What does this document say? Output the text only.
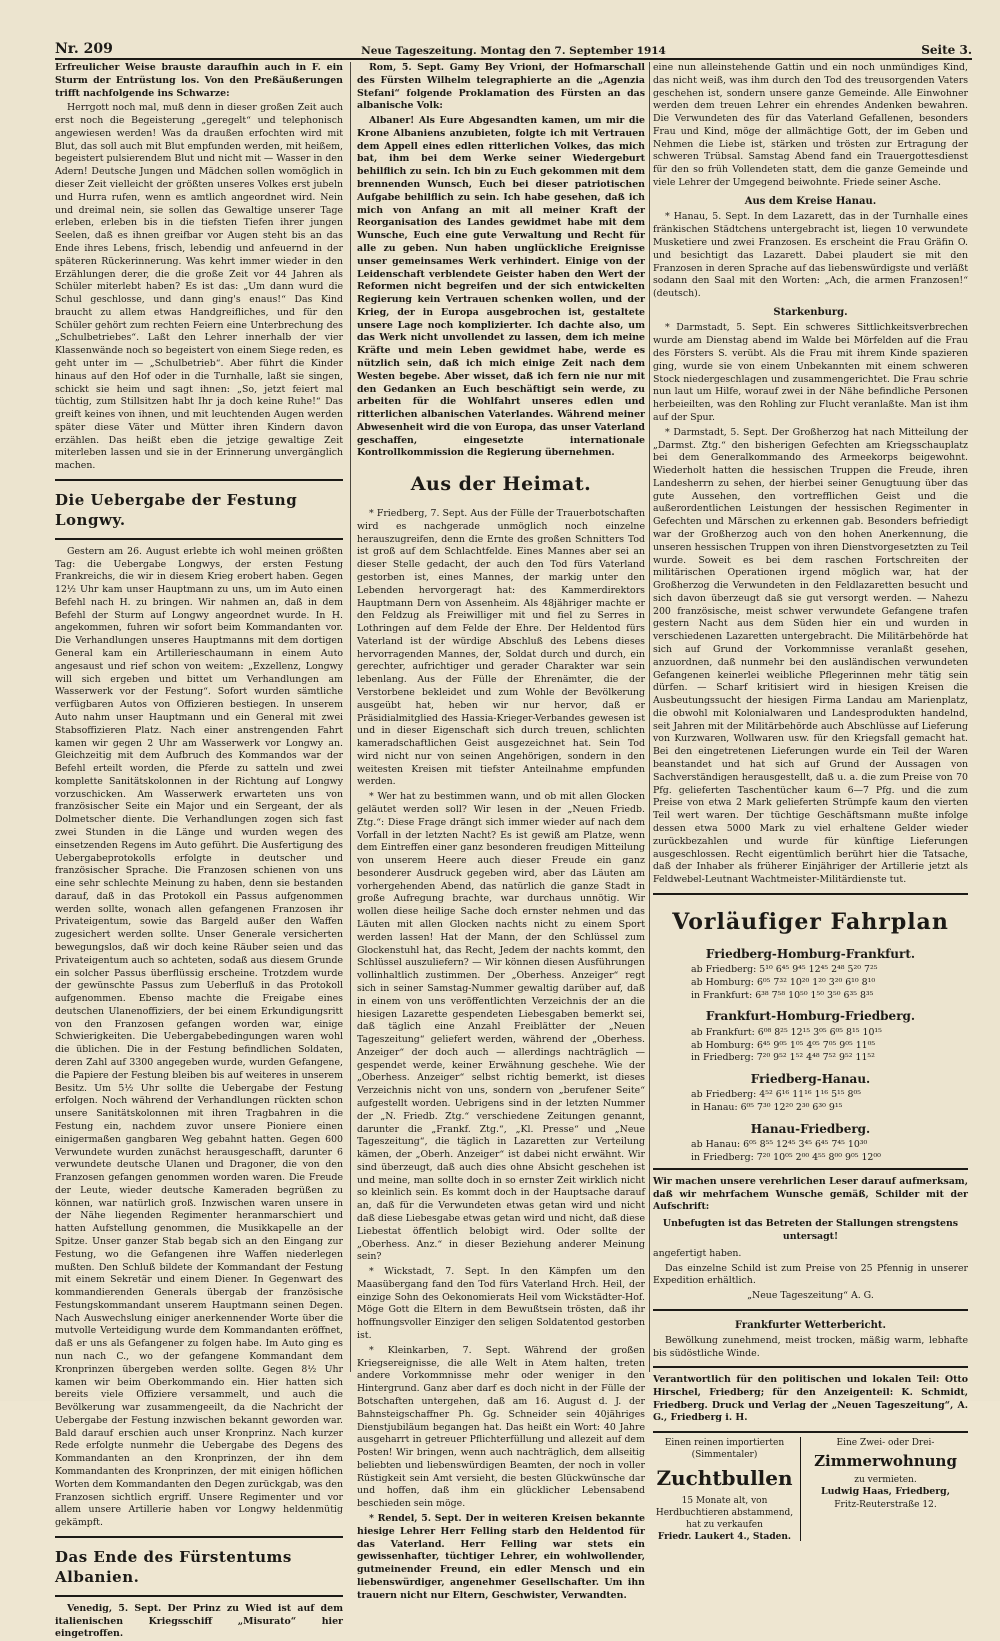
Nr. 209	Neue Tageszeitung. Montag den 7. September 1914	Seite 3.

Erfreulicher Weise brauste daraufhin auch in F. ein Sturm der Entrüstung los. Von den Preßäußerungen trifft nachfolgende ins Schwarze:

Herrgott noch mal, muß denn in dieser großen Zeit auch erst noch die Begeisterung „geregelt“ und telephonisch angewiesen werden! Was da draußen erfochten wird mit Blut, das soll auch mit Blut empfunden werden, mit heißem, begeistert pulsierendem Blut und nicht mit — Wasser in den Adern! Deutsche Jungen und Mädchen sollen womöglich in dieser Zeit vielleicht der größten unseres Volkes erst jubeln und Hurra rufen, wenn es amtlich angeordnet wird. Nein und dreimal nein, sie sollen das Gewaltige unserer Tage erleben, erleben bis in die tiefsten Tiefen ihrer jungen Seelen, daß es ihnen greifbar vor Augen steht bis an das Ende ihres Lebens, frisch, lebendig und anfeuernd in der späteren Rückerinnerung. Was kehrt immer wieder in den Erzählungen derer, die die große Zeit vor 44 Jahren als Schüler miterlebt haben? Es ist das: „Um dann wurd die Schul geschlosse, und dann ging's enaus!“ Das Kind braucht zu allem etwas Handgreifliches, und für den Schüler gehört zum rechten Feiern eine Unterbrechung des „Schulbetriebes“. Laßt den Lehrer innerhalb der vier Klassenwände noch so begeistert von einem Siege reden, es geht unter im — „Schulbetrieb“. Aber führt die Kinder hinaus auf den Hof oder in die Turnhalle, laßt sie singen, schickt sie heim und sagt ihnen: „So, jetzt feiert mal tüchtig, zum Stillsitzen habt Ihr ja doch keine Ruhe!“ Das greift keines von ihnen, und mit leuchtenden Augen werden später diese Väter und Mütter ihren Kindern davon erzählen. Das heißt eben die jetzige gewaltige Zeit miterleben lassen und sie in der Erinnerung unvergänglich machen.

Die Uebergabe der Festung Longwy.

Gestern am 26. August erlebte ich wohl meinen größten Tag: die Uebergabe Longwys, der ersten Festung Frankreichs, die wir in diesem Krieg erobert haben. Gegen 12½ Uhr kam unser Hauptmann zu uns, um im Auto einen Befehl nach H. zu bringen. Wir nahmen an, daß in dem Befehl der Sturm auf Longwy angeordnet wurde. In H. angekommen, fuhren wir sofort beim Kommandanten vor. Die Verhandlungen unseres Hauptmanns mit dem dortigen General kam ein Artillerieschaumann in einem Auto angesaust und rief schon von weitem: „Exzellenz, Longwy will sich ergeben und bittet um Verhandlungen am Wasserwerk vor der Festung“. Sofort wurden sämtliche verfügbaren Autos von Offizieren bestiegen. In unserem Auto nahm unser Hauptmann und ein General mit zwei Stabsoffizieren Platz. Nach einer anstrengenden Fahrt kamen wir gegen 2 Uhr am Wasserwerk vor Longwy an. Gleichzeitig mit dem Aufbruch des Kommandos war der Befehl erteilt worden, die Pferde zu satteln und zwei komplette Sanitätskolonnen in der Richtung auf Longwy vorzuschicken. Am Wasserwerk erwarteten uns von französischer Seite ein Major und ein Sergeant, der als Dolmetscher diente. Die Verhandlungen zogen sich fast zwei Stunden in die Länge und wurden wegen des einsetzenden Regens im Auto geführt. Die Ausfertigung des Uebergabeprotokolls erfolgte in deutscher und französischer Sprache. Die Franzosen schienen von uns eine sehr schlechte Meinung zu haben, denn sie bestanden darauf, daß in das Protokoll ein Passus aufgenommen werden sollte, wonach allen gefangenen Franzosen ihr Privateigentum, sowie das Bargeld außer den Waffen zugesichert werden sollte. Unser Generale versicherten bewegungslos, daß wir doch keine Räuber seien und das Privateigentum auch so achteten, sodaß aus diesem Grunde ein solcher Passus überflüssig erscheine. Trotzdem wurde der gewünschte Passus zum Ueberfluß in das Protokoll aufgenommen. Ebenso machte die Freigabe eines deutschen Ulanenoffiziers, der bei einem Erkundigungsritt von den Franzosen gefangen worden war, einige Schwierigkeiten. Die Uebergabebedingungen waren wohl die üblichen. Die in der Festung befindlichen Soldaten, deren Zahl auf 3300 angegeben wurde, wurden Gefangene, die Papiere der Festung bleiben bis auf weiteres in unserem Besitz. Um 5½ Uhr sollte die Uebergabe der Festung erfolgen. Noch während der Verhandlungen rückten schon unsere Sanitätskolonnen mit ihren Tragbahren in die Festung ein, nachdem zuvor unsere Pioniere einen einigermaßen gangbaren Weg gebahnt hatten. Gegen 600 Verwundete wurden zunächst herausgeschafft, darunter 6 verwundete deutsche Ulanen und Dragoner, die von den Franzosen gefangen genommen worden waren. Die Freude der Leute, wieder deutsche Kameraden begrüßen zu können, war natürlich groß. Inzwischen waren unsere in der Nähe liegenden Regimenter heranmarschiert und hatten Aufstellung genommen, die Musikkapelle an der Spitze. Unser ganzer Stab begab sich an den Eingang zur Festung, wo die Gefangenen ihre Waffen niederlegen mußten. Den Schluß bildete der Kommandant der Festung mit einem Sekretär und einem Diener. In Gegenwart des kommandierenden Generals übergab der französische Festungskommandant unserem Hauptmann seinen Degen. Nach Auswechslung einiger anerkennender Worte über die mutvolle Verteidigung wurde dem Kommandanten eröffnet, daß er uns als Gefangener zu folgen habe. Im Auto ging es nun nach C., wo der gefangene Kommandant dem Kronprinzen übergeben werden sollte. Gegen 8½ Uhr kamen wir beim Oberkommando ein. Hier hatten sich bereits viele Offiziere versammelt, und auch die Bevölkerung war zusammengeeilt, da die Nachricht der Uebergabe der Festung inzwischen bekannt geworden war. Bald darauf erschien auch unser Kronprinz. Nach kurzer Rede erfolgte nunmehr die Uebergabe des Degens des Kommandanten an den Kronprinzen, der ihn dem Kommandanten des Kronprinzen, der mit einigen höflichen Worten dem Kommandanten den Degen zurückgab, was den Franzosen sichtlich ergriff. Unsere Regimenter und vor allem unsere Artillerie haben vor Longwy heldenmütig gekämpft.

Das Ende des Fürstentums Albanien.

Venedig, 5. Sept. Der Prinz zu Wied ist auf dem italienischen Kriegsschiff „Misurato“ hier eingetroffen.

Rom, 5. Sept. Gamy Bey Vrioni, der Hofmarschall des Fürsten Wilhelm telegraphierte an die „Agenzia Stefani“ folgende Proklamation des Fürsten an das albanische Volk:

Albaner! Als Eure Abgesandten kamen, um mir die Krone Albaniens anzubieten, folgte ich mit Vertrauen dem Appell eines edlen ritterlichen Volkes, das mich bat, ihm bei dem Werke seiner Wiedergeburt behilflich zu sein. Ich bin zu Euch gekommen mit dem brennenden Wunsch, Euch bei dieser patriotischen Aufgabe behilflich zu sein. Ich habe gesehen, daß ich mich von Anfang an mit all meiner Kraft der Reorganisation des Landes gewidmet habe mit dem Wunsche, Euch eine gute Verwaltung und Recht für alle zu geben. Nun haben unglückliche Ereignisse unser gemeinsames Werk verhindert. Einige von der Leidenschaft verblendete Geister haben den Wert der Reformen nicht begreifen und der sich entwickelten Regierung kein Vertrauen schenken wollen, und der Krieg, der in Europa ausgebrochen ist, gestaltete unsere Lage noch komplizierter. Ich dachte also, um das Werk nicht unvollendet zu lassen, dem ich meine Kräfte und mein Leben gewidmet habe, werde es nützlich sein, daß ich mich einige Zeit nach dem Westen begebe. Aber wisset, daß ich fern nie nur mit den Gedanken an Euch beschäftigt sein werde, zu arbeiten für die Wohlfahrt unseres edlen und ritterlichen albanischen Vaterlandes. Während meiner Abwesenheit wird die von Europa, das unser Vaterland geschaffen, eingesetzte internationale Kontrollkommission die Regierung übernehmen.

Aus der Heimat.

* Friedberg, 7. Sept. Aus der Fülle der Trauerbotschaften wird es nachgerade unmöglich noch einzelne herauszugreifen, denn die Ernte des großen Schnitters Tod ist groß auf dem Schlachtfelde. Eines Mannes aber sei an dieser Stelle gedacht, der auch den Tod fürs Vaterland gestorben ist, eines Mannes, der markig unter den Lebenden hervorgeragt hat: des Kammerdirektors Hauptmann Dern von Assenheim. Als 48jähriger machte er den Feldzug als Freiwilliger mit und fiel zu Serres in Lothringen auf dem Felde der Ehre. Der Heldentod fürs Vaterland ist der würdige Abschluß des Lebens dieses hervorragenden Mannes, der, Soldat durch und durch, ein gerechter, aufrichtiger und gerader Charakter war sein lebenlang. Aus der Fülle der Ehrenämter, die der Verstorbene bekleidet und zum Wohle der Bevölkerung ausgeübt hat, heben wir nur hervor, daß er Präsidialmitglied des Hassia-Krieger-Verbandes gewesen ist und in dieser Eigenschaft sich durch treuen, schlichten kameradschaftlichen Geist ausgezeichnet hat. Sein Tod wird nicht nur von seinen Angehörigen, sondern in den weitesten Kreisen mit tiefster Anteilnahme empfunden werden.

* Wer hat zu bestimmen wann, und ob mit allen Glocken geläutet werden soll? Wir lesen in der „Neuen Friedb. Ztg.“: Diese Frage drängt sich immer wieder auf nach dem Vorfall in der letzten Nacht? Es ist gewiß am Platze, wenn dem Eintreffen einer ganz besonderen freudigen Mitteilung von unserem Heere auch dieser Freude ein ganz besonderer Ausdruck gegeben wird, aber das Läuten am vorhergehenden Abend, das natürlich die ganze Stadt in große Aufregung brachte, war durchaus unnötig. Wir wollen diese heilige Sache doch ernster nehmen und das Läuten mit allen Glocken nachts nicht zu einem Sport werden lassen! Hat der Mann, der den Schlüssel zum Glockenstuhl hat, das Recht, Jedem der nachts kommt, den Schlüssel auszuliefern? — Wir können diesen Ausführungen vollinhaltlich zustimmen. Der „Oberhess. Anzeiger“ regt sich in seiner Samstag-Nummer gewaltig darüber auf, daß in einem von uns veröffentlichten Verzeichnis der an die hiesigen Lazarette gespendeten Liebesgaben bemerkt sei, daß täglich eine Anzahl Freiblätter der „Neuen Tageszeitung“ geliefert werden, während der „Oberhess. Anzeiger“ der doch auch — allerdings nachträglich — gespendet werde, keiner Erwähnung geschehe. Wie der „Oberhess. Anzeiger“ selbst richtig bemerkt, ist dieses Verzeichnis nicht von uns, sondern von „berufener Seite“ aufgestellt worden. Uebrigens sind in der letzten Nummer der „N. Friedb. Ztg.“ verschiedene Zeitungen genannt, darunter die „Frankf. Ztg.“, „Kl. Presse“ und „Neue Tageszeitung“, die täglich in Lazaretten zur Verteilung kämen, der „Oberh. Anzeiger“ ist dabei nicht erwähnt. Wir sind überzeugt, daß auch dies ohne Absicht geschehen ist und meine, man sollte doch in so ernster Zeit wirklich nicht so kleinlich sein. Es kommt doch in der Hauptsache darauf an, daß für die Verwundeten etwas getan wird und nicht daß diese Liebesgabe etwas getan wird und nicht, daß diese Liebestat öffentlich belobigt wird. Oder sollte der „Oberhess. Anz.“ in dieser Beziehung anderer Meinung sein?

* Wickstadt, 7. Sept. In den Kämpfen um den Maasübergang fand den Tod fürs Vaterland Hrch. Heil, der einzige Sohn des Oekonomierats Heil vom Wickstädter-Hof. Möge Gott die Eltern in dem Bewußtsein trösten, daß ihr hoffnungsvoller Einziger den seligen Soldatentod gestorben ist.

* Kleinkarben, 7. Sept. Während der großen Kriegsereignisse, die alle Welt in Atem halten, treten andere Vorkommnisse mehr oder weniger in den Hintergrund. Ganz aber darf es doch nicht in der Fülle der Botschaften untergehen, daß am 16. August d. J. der Bahnsteigschaffner Ph. Gg. Schneider sein 40jähriges Dienstjubiläum begangen hat. Das heißt ein Wort: 40 Jahre ausgeharrt in getreuer Pflichterfüllung und allezeit auf dem Posten! Wir bringen, wenn auch nachträglich, dem allseitig beliebten und liebenswürdigen Beamten, der noch in voller Rüstigkeit sein Amt versieht, die besten Glückwünsche dar und hoffen, daß ihm ein glücklicher Lebensabend beschieden sein möge.

* Rendel, 5. Sept. Der in weiteren Kreisen bekannte hiesige Lehrer Herr Felling starb den Heldentod für das Vaterland. Herr Felling war stets ein gewissenhafter, tüchtiger Lehrer, ein wohlwollender, gutmeinender Freund, ein edler Mensch und ein liebenswürdiger, angenehmer Gesellschafter. Um ihn trauern nicht nur Eltern, Geschwister, Verwandten.

eine nun alleinstehende Gattin und ein noch unmündiges Kind, das nicht weiß, was ihm durch den Tod des treusorgenden Vaters geschehen ist, sondern unsere ganze Gemeinde. Alle Einwohner werden dem treuen Lehrer ein ehrendes Andenken bewahren. Die Verwundeten des für das Vaterland Gefallenen, besonders Frau und Kind, möge der allmächtige Gott, der im Geben und Nehmen die Liebe ist, stärken und trösten zur Ertragung der schweren Trübsal. Samstag Abend fand ein Trauergottesdienst für den so früh Vollendeten statt, dem die ganze Gemeinde und viele Lehrer der Umgegend beiwohnte. Friede seiner Asche.

Aus dem Kreise Hanau.

* Hanau, 5. Sept. In dem Lazarett, das in der Turnhalle eines fränkischen Städtchens untergebracht ist, liegen 10 verwundete Musketiere und zwei Franzosen. Es erscheint die Frau Gräfin O. und besichtigt das Lazarett. Dabei plaudert sie mit den Franzosen in deren Sprache auf das liebenswürdigste und verläßt sodann den Saal mit den Worten: „Ach, die armen Franzosen!“ (deutsch).

Starkenburg.

* Darmstadt, 5. Sept. Ein schweres Sittlichkeitsverbrechen wurde am Dienstag abend im Walde bei Mörfelden auf die Frau des Försters S. verübt. Als die Frau mit ihrem Kinde spazieren ging, wurde sie von einem Unbekannten mit einem schweren Stock niedergeschlagen und zusammengerichtet. Die Frau schrie nun laut um Hilfe, worauf zwei in der Nähe befindliche Personen herbeieilten, was den Rohling zur Flucht veranlaßte. Man ist ihm auf der Spur.

* Darmstadt, 5. Sept. Der Großherzog hat nach Mitteilung der „Darmst. Ztg.“ den bisherigen Gefechten am Kriegsschauplatz bei dem Generalkommando des Armeekorps beigewohnt. Wiederholt hatten die hessischen Truppen die Freude, ihren Landesherrn zu sehen, der hierbei seiner Genugtuung über das gute Aussehen, den vortrefflichen Geist und die außerordentlichen Leistungen der hessischen Regimenter in Gefechten und Märschen zu erkennen gab. Besonders befriedigt war der Großherzog auch von den hohen Anerkennung, die unseren hessischen Truppen von ihren Dienstvorgesetzten zu Teil wurde. Soweit es bei dem raschen Fortschreiten der militärischen Operationen irgend möglich war, hat der Großherzog die Verwundeten in den Feldlazaretten besucht und sich davon überzeugt daß sie gut versorgt werden. — Nahezu 200 französische, meist schwer verwundete Gefangene trafen gestern Nacht aus dem Süden hier ein und wurden in verschiedenen Lazaretten untergebracht. Die Militärbehörde hat sich auf Grund der Vorkommnisse veranlaßt gesehen, anzuordnen, daß nunmehr bei den ausländischen verwundeten Gefangenen keinerlei weibliche Pflegerinnen mehr tätig sein dürfen. — Scharf kritisiert wird in hiesigen Kreisen die Ausbeutungssucht der hiesigen Firma Landau am Marienplatz, die obwohl mit Kolonialwaren und Landesprodukten handelnd, seit Jahren mit der Militärbehörde auch Abschlüsse auf Lieferung von Kurzwaren, Wollwaren usw. für den Kriegsfall gemacht hat. Bei den eingetretenen Lieferungen wurde ein Teil der Waren beanstandet und hat sich auf Grund der Aussagen von Sachverständigen herausgestellt, daß u. a. die zum Preise von 70 Pfg. gelieferten Taschentücher kaum 6—7 Pfg. und die zum Preise von etwa 2 Mark gelieferten Strümpfe kaum den vierten Teil wert waren. Der tüchtige Geschäftsmann mußte infolge dessen etwa 5000 Mark zu viel erhaltene Gelder wieder zurückbezahlen und wurde für künftige Lieferungen ausgeschlossen. Recht eigentümlich berührt hier die Tatsache, daß der Inhaber als früherer Einjähriger der Artillerie jetzt als Feldwebel-Leutnant Wachtmeister-Militärdienste tut.

Vorläufiger Fahrplan
Friedberg-Homburg-Frankfurt.

ab Friedberg: 5¹⁰ 6⁴⁵ 9⁴⁵ 12⁴⁵ 2⁴⁸ 5²⁰ 7²⁵

ab Homburg: 6⁰⁵ 7³² 10²⁰ 1²⁰ 3²⁰ 6¹⁰ 8¹⁰

in Frankfurt: 6³⁸ 7⁵⁸ 10⁵⁰ 1⁵⁰ 3⁵⁰ 6³⁵ 8³⁵

Frankfurt-Homburg-Friedberg.

ab Frankfurt: 6⁰⁸ 8²⁵ 12¹⁵ 3⁰⁵ 6⁰⁵ 8¹⁵ 10¹⁵

ab Homburg: 6⁴⁵ 9⁰⁵ 1⁰⁵ 4⁰⁵ 7⁰⁵ 9⁰⁵ 11⁰⁵

in Friedberg: 7²⁰ 9⁵² 1⁵² 4⁴⁸ 7⁵² 9⁵² 11⁵²

Friedberg-Hanau.

ab Friedberg: 4⁵² 6¹⁶ 11¹⁶ 1¹⁶ 5¹⁵ 8⁰⁵

in Hanau: 6⁰⁵ 7³⁰ 12²⁰ 2³⁰ 6³⁰ 9¹⁵

Hanau-Friedberg.

ab Hanau: 6⁰⁵ 8⁵⁵ 12⁴⁵ 3⁴⁵ 6⁴⁵ 7⁴⁵ 10³⁰

in Friedberg: 7²⁰ 10⁰⁵ 2⁰⁰ 4⁵⁵ 8⁰⁰ 9⁰⁵ 12⁰⁰

Wir machen unsere verehrlichen Leser darauf aufmerksam, daß wir mehrfachem Wunsche gemäß, Schilder mit der Aufschrift:

Unbefugten ist das Betreten der Stallungen strengstens untersagt!

angefertigt haben.

Das einzelne Schild ist zum Preise von 25 Pfennig in unserer Expedition erhältlich.

„Neue Tageszeitung“ A. G.

Frankfurter Wetterbericht.

Bewölkung zunehmend, meist trocken, mäßig warm, lebhafte bis südöstliche Winde.

Verantwortlich für den politischen und lokalen Teil: Otto Hirschel, Friedberg; für den Anzeigenteil: K. Schmidt, Friedberg. Druck und Verlag der „Neuen Tageszeitung“, A. G., Friedberg i. H.

Einen reinen importierten (Simmentaler)
Zuchtbullen
15 Monate alt, von Herdbuchtieren abstammend, hat zu verkaufen
Friedr. Laukert 4., Staden.
Eine Zwei- oder Drei-
Zimmerwohnung
zu vermieten.
Ludwig Haas, Friedberg,
Fritz-Reuterstraße 12.
